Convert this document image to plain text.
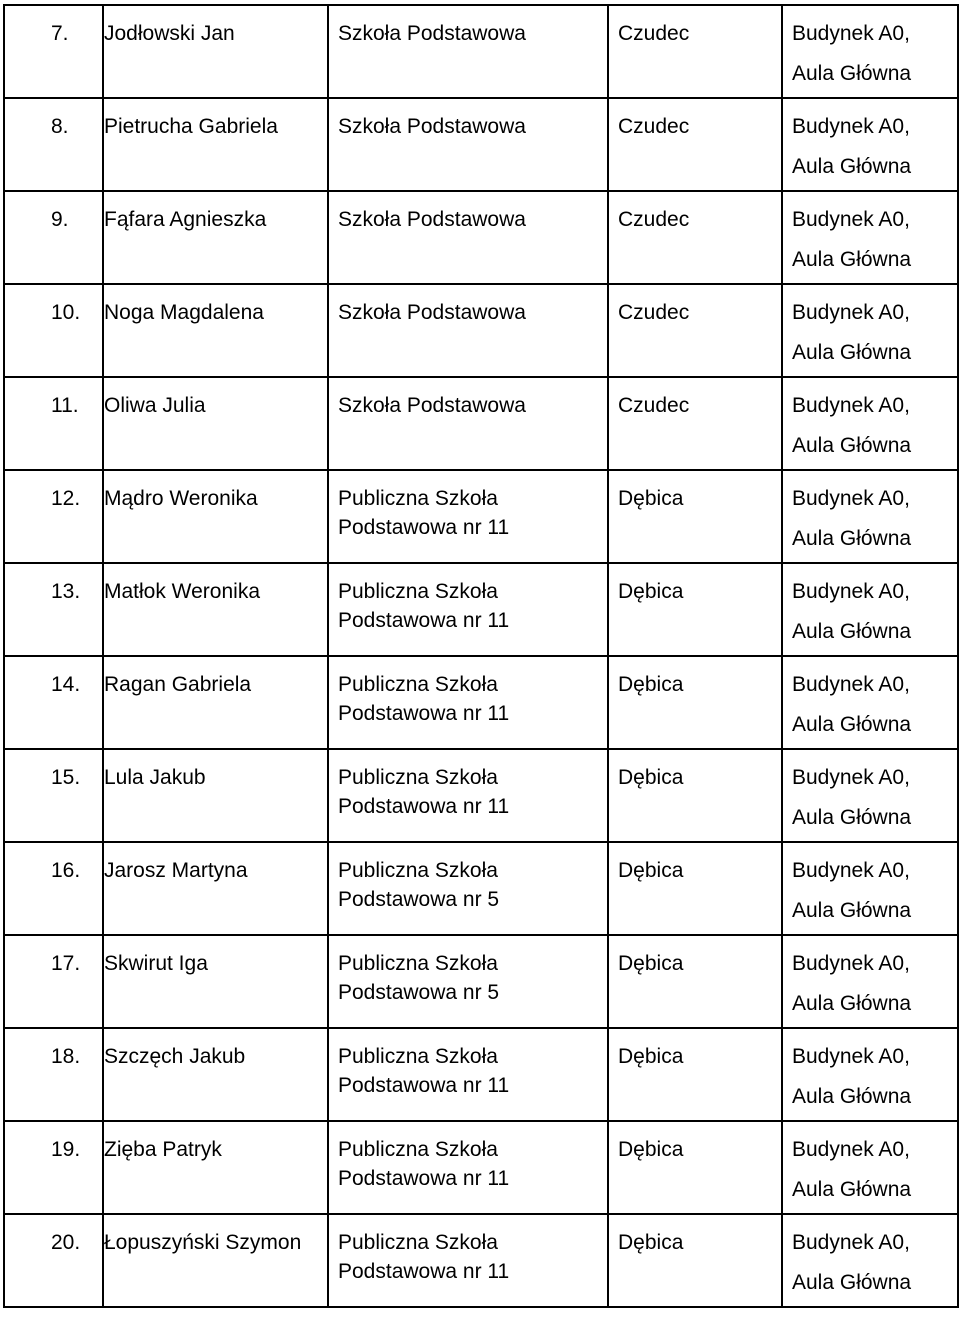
7.	Jodłowski Jan	Szkoła Podstawowa	Czudec	Budynek A0,
Aula Główna

8.	Pietrucha Gabriela	Szkoła Podstawowa	Czudec	Budynek A0,
Aula Główna

9.	Fąfara Agnieszka	Szkoła Podstawowa	Czudec	Budynek A0,
Aula Główna

10.	Noga Magdalena	Szkoła Podstawowa	Czudec	Budynek A0,
Aula Główna

11.	Oliwa Julia	Szkoła Podstawowa	Czudec	Budynek A0,
Aula Główna

12.	Mądro Weronika	Publiczna Szkoła
Podstawowa nr 11	Dębica	Budynek A0,
Aula Główna

13.	Matłok Weronika	Publiczna Szkoła
Podstawowa nr 11	Dębica	Budynek A0,
Aula Główna

14.	Ragan Gabriela	Publiczna Szkoła
Podstawowa nr 11	Dębica	Budynek A0,
Aula Główna

15.	Lula Jakub	Publiczna Szkoła
Podstawowa nr 11	Dębica	Budynek A0,
Aula Główna

16.	Jarosz Martyna	Publiczna Szkoła
Podstawowa nr 5	Dębica	Budynek A0,
Aula Główna

17.	Skwirut Iga	Publiczna Szkoła
Podstawowa nr 5	Dębica	Budynek A0,
Aula Główna

18.	Szczęch Jakub	Publiczna Szkoła
Podstawowa nr 11	Dębica	Budynek A0,
Aula Główna

19.	Zięba Patryk	Publiczna Szkoła
Podstawowa nr 11	Dębica	Budynek A0,
Aula Główna

20.	Łopuszyński Szymon	Publiczna Szkoła
Podstawowa nr 11	Dębica	Budynek A0,
Aula Główna
